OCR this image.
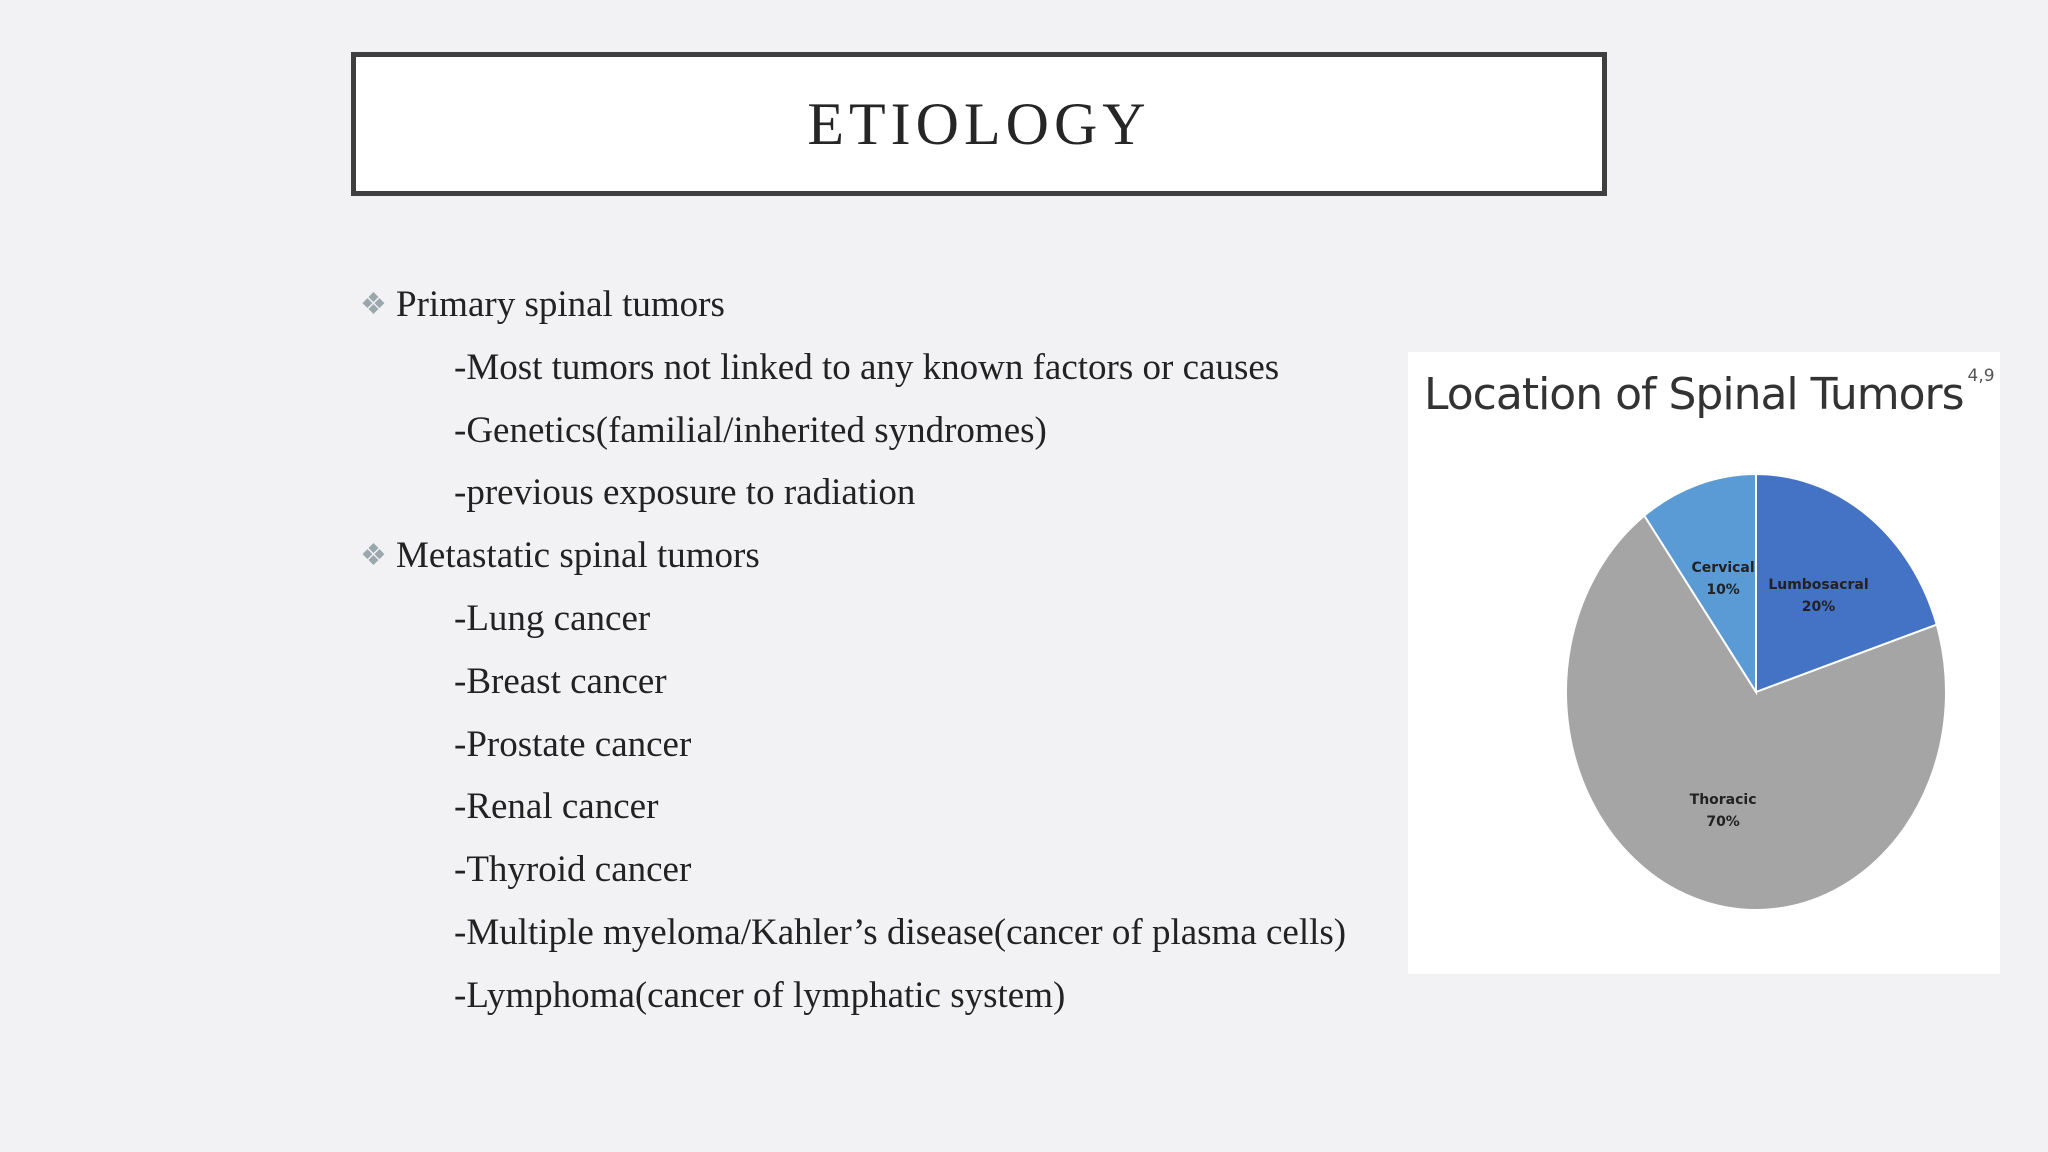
ETIOLOGY
❖ Primary spinal tumors
-Most tumors not linked to any known factors or causes
-Genetics(familial/inherited syndromes)
-previous exposure to radiation
❖ Metastatic spinal tumors
-Lung cancer
-Breast cancer
-Prostate cancer
-Renal cancer
-Thyroid cancer
-Multiple myeloma/Kahler’s disease(cancer of plasma cells)
-Lymphoma(cancer of lymphatic system)
Location of Spinal Tumors $^{4,9}$
Lumbosacral
20%
Thoracic
70%
Cervical
10%
